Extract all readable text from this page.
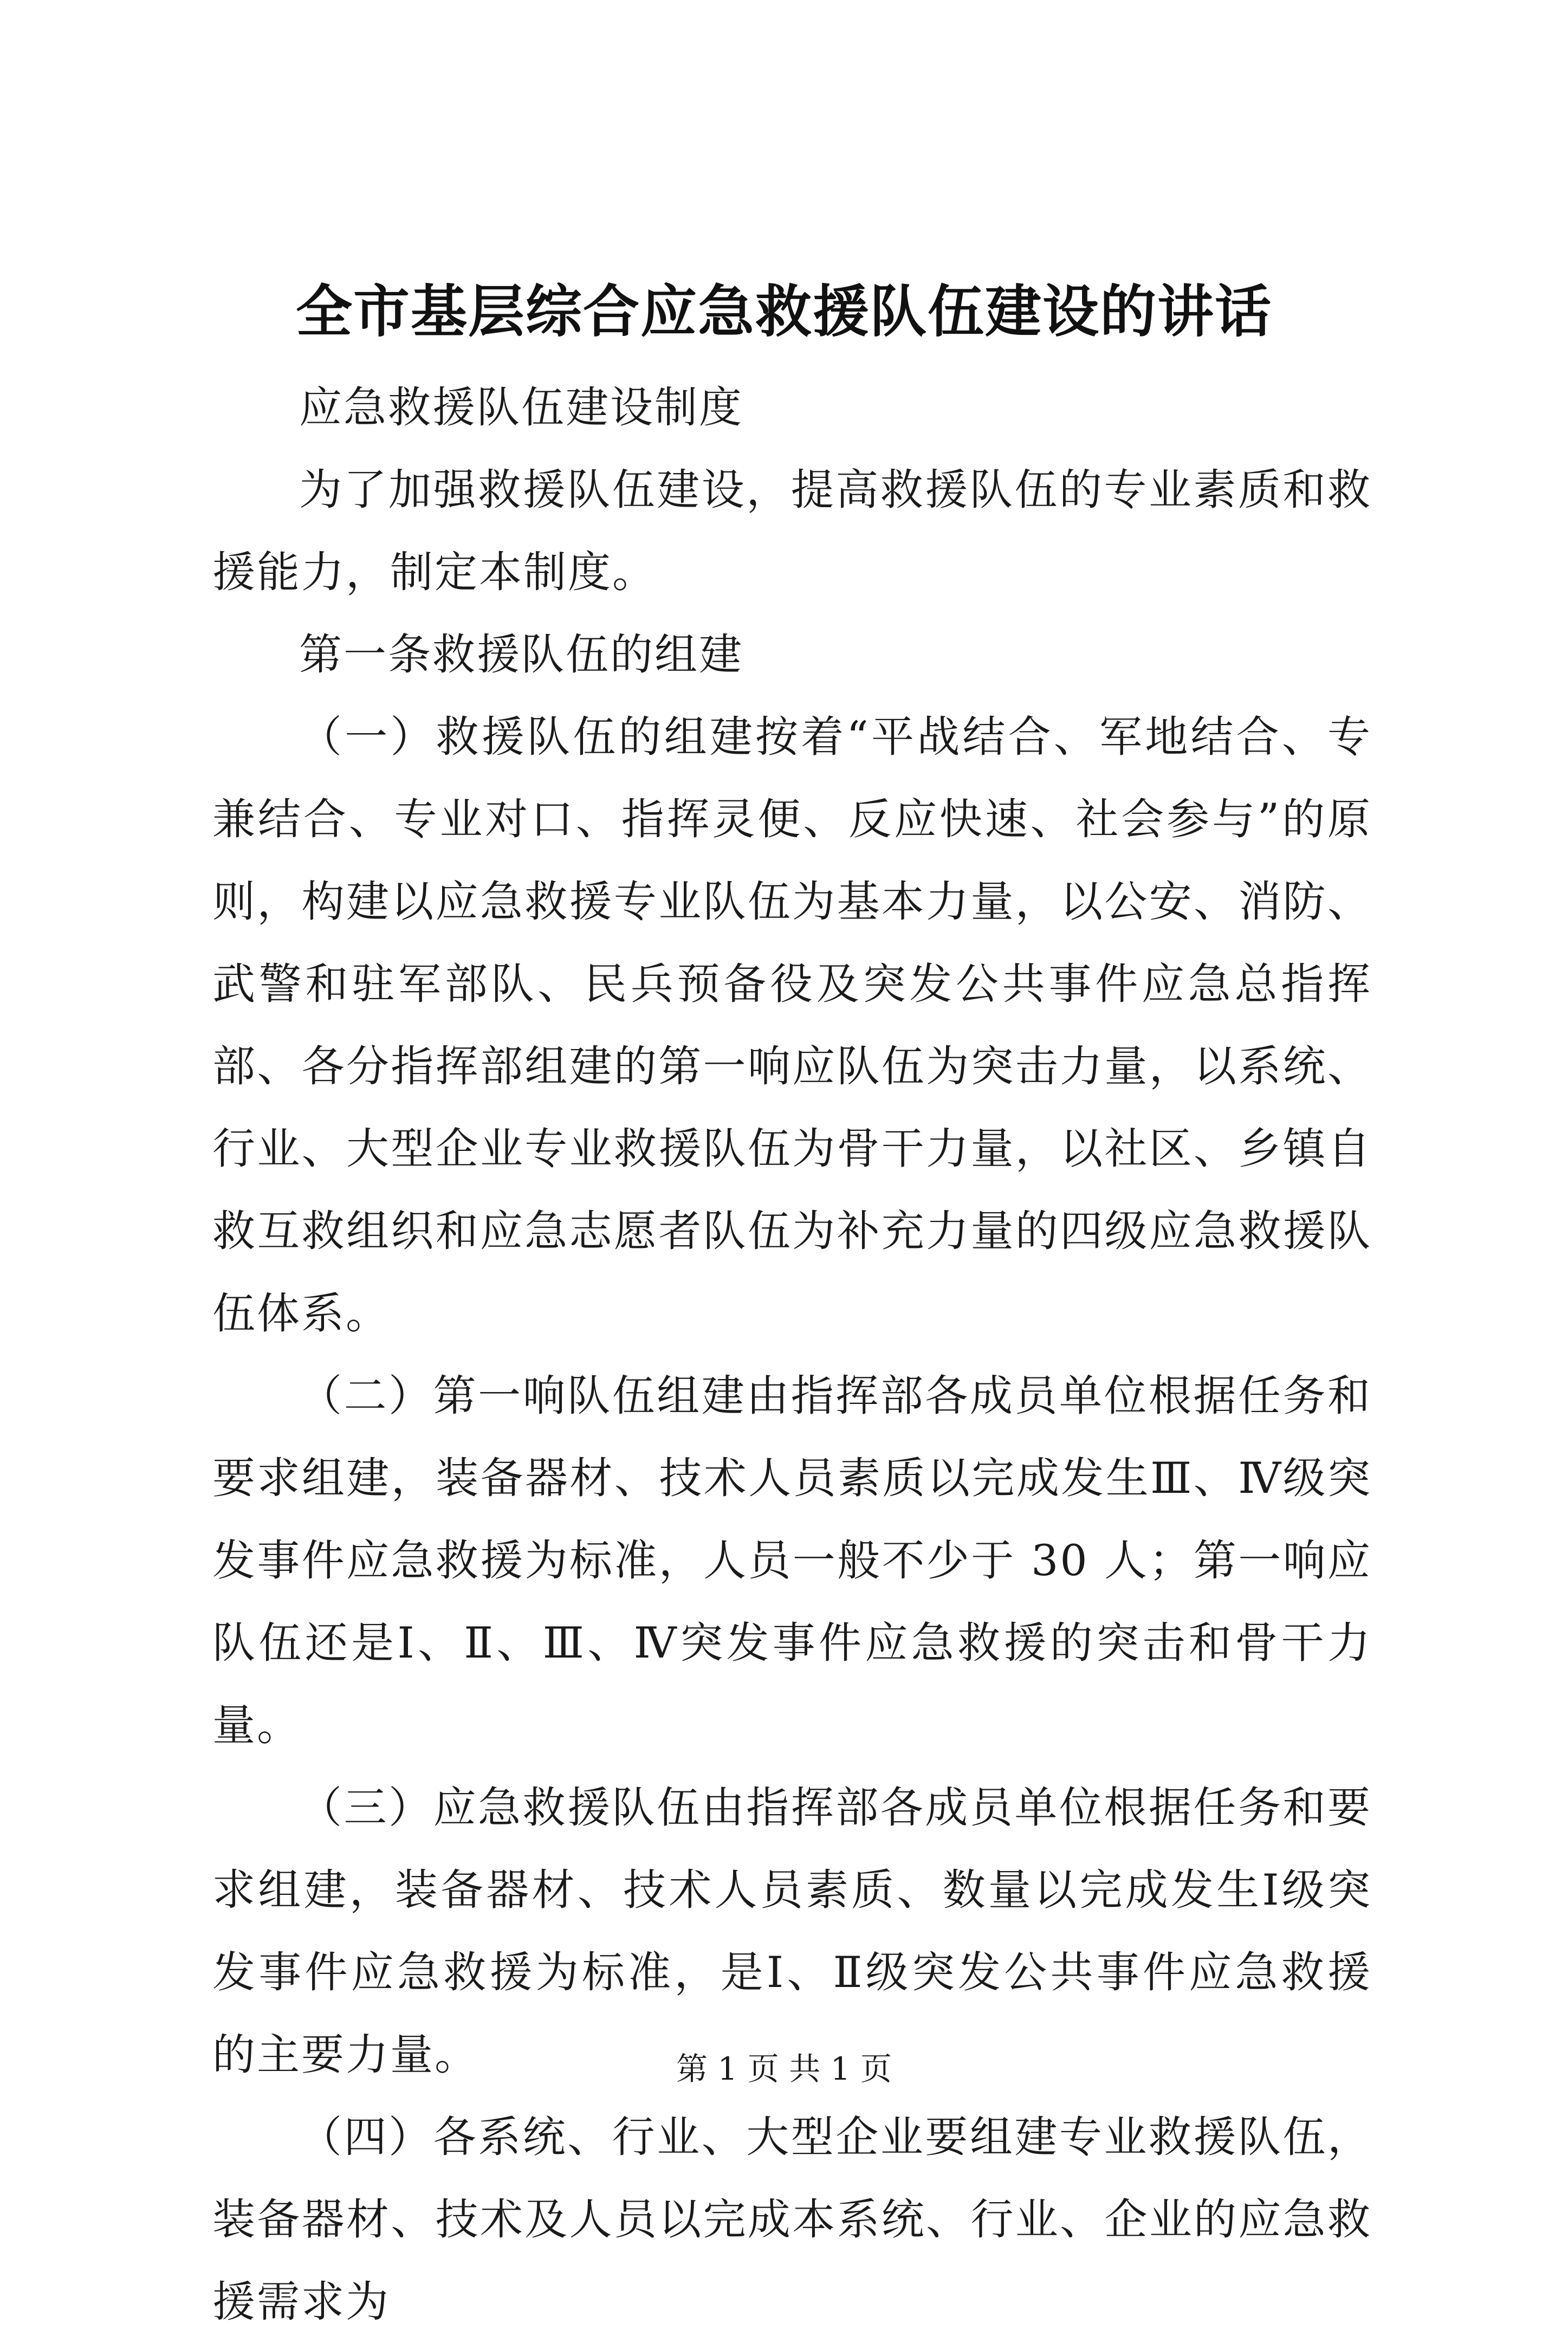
全市基层综合应急救援队伍建设的讲话

应急救援队伍建设制度

为了加强救援队伍建设，提高救援队伍的专业素质和救援能力，制定本制度。

第一条救援队伍的组建

（一）救援队伍的组建按着“平战结合、军地结合、专兼结合、专业对口、指挥灵便、反应快速、社会参与”的原则，构建以应急救援专业队伍为基本力量，以公安、消防、武警和驻军部队、民兵预备役及突发公共事件应急总指挥部、各分指挥部组建的第一响应队伍为突击力量，以系统、行业、大型企业专业救援队伍为骨干力量，以社区、乡镇自救互救组织和应急志愿者队伍为补充力量的四级应急救援队伍体系。

（二）第一响队伍组建由指挥部各成员单位根据任务和要求组建，装备器材、技术人员素质以完成发生Ⅲ、Ⅳ级突发事件应急救援为标准，人员一般不少于 30 人；第一响应队伍还是Ⅰ、Ⅱ、Ⅲ、Ⅳ突发事件应急救援的突击和骨干力量。

（三）应急救援队伍由指挥部各成员单位根据任务和要求组建，装备器材、技术人员素质、数量以完成发生Ⅰ级突发事件应急救援为标准，是Ⅰ、Ⅱ级突发公共事件应急救援的主要力量。

（四）各系统、行业、大型企业要组建专业救援队伍，装备器材、技术及人员以完成本系统、行业、企业的应急救援需求为

第 1 页 共 1 页
